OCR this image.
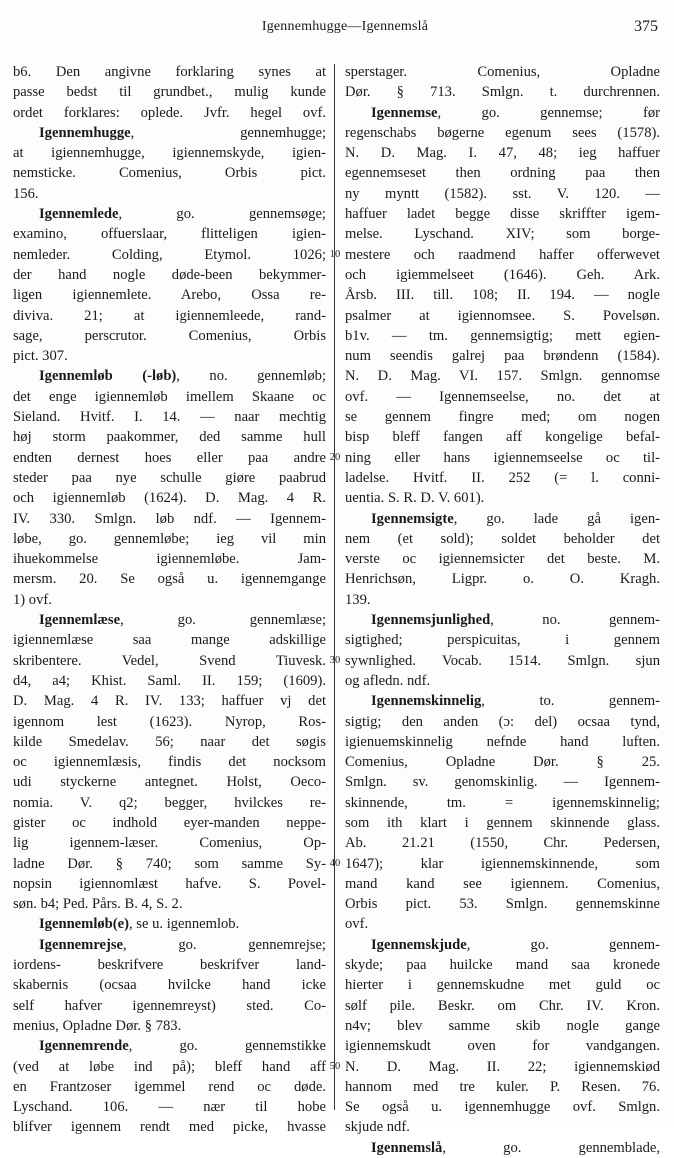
Igennemhugge—Igennemslå	375
b6. Den angivne forklaring synes at
passe bedst til grundbet., mulig kunde
ordet forklares: oplede. Jvfr. hegel ovf.
Igennemhugge, gennemhugge;
at igiennemhugge, igiennemskyde, igien-
nemsticke. Comenius, Orbis pict.
156.
Igennemlede, go. gennemsøge;
examino, offuerslaar, flitteligen igien-
nemleder. Colding, Etymol. 1026;
der hand nogle døde-been bekymmer-
ligen igiennemlete. Arebo, Ossa re-
diviva. 21; at igiennemleede, rand-
sage, perscrutor. Comenius, Orbis
pict. 307.
Igennemløb (-løb), no. gennemløb;
det enge igiennemløb imellem Skaane oc
Sieland. Hvitf. I. 14. — naar mechtig
høj storm paakommer, ded samme hull
endten dernest hoes eller paa andre
steder paa nye schulle giøre paabrud
och igiennemløb (1624). D. Mag. 4 R.
IV. 330. Smlgn. løb ndf. — Igennem-
løbe, go. gennemløbe; ieg vil min
ihuekommelse igiennemløbe. Jam-
mersm. 20. Se også u. igennemgange
1) ovf.
Igennemlæse, go. gennemlæse;
igiennemlæse saa mange adskillige
skribentere. Vedel, Svend Tiuvesk.
d4, a4; Khist. Saml. II. 159; (1609).
D. Mag. 4 R. IV. 133; haffuer vj det
igennom lest (1623). Nyrop, Ros-
kilde Smedelav. 56; naar det søgis
oc igiennemlæsis, findis det nocksom
udi styckerne antegnet. Holst, Oeco-
nomia. V. q2; begger, hvilckes re-
gister oc indhold eyer-manden neppe-
lig igennem-læser. Comenius, Op-
ladne Dør. § 740; som samme Sy-
nopsin igiennomlæst hafve. S. Povel-
søn. b4; Ped. Pårs. B. 4, S. 2.
Igennemløb(e), se u. igennemlob.
Igennemrejse, go. gennemrejse;
iordens- beskrifvere beskrifver land-
skabernis (ocsaa hvilcke hand icke
self hafver igennemreyst) sted. Co-
menius, Opladne Dør. § 783.
Igennemrende, go. gennemstikke
(ved at løbe ind på); bleff hand aff
en Frantzoser igemmel rend oc døde.
Lyschand. 106. — nær til hobe
blifver igennem rendt med picke, hvasse
sperstager. Comenius, Opladne
Dør. § 713. Smlgn. t. durchrennen.
Igennemse, go. gennemse; før
regenschabs bøgerne egenum sees (1578).
N. D. Mag. I. 47, 48; ieg haffuer
egennemseset then ordning paa then
ny myntt (1582). sst. V. 120. —
haffuer ladet begge disse skriffter igem-
melse. Lyschand. XIV; som borge-
mestere och raadmend haffer offerwevet
och igiemmelseet (1646). Geh. Ark.
Årsb. III. till. 108; II. 194. — nogle
psalmer at igiennomsee. S. Povelsøn.
b1v. — tm. gennemsigtig; mett egien-
num seendis galrej paa brøndenn (1584).
N. D. Mag. VI. 157. Smlgn. gennomse
ovf. — Igennemseelse, no. det at
se gennem fingre med; om nogen
bisp bleff fangen aff kongelige befal-
ning eller hans igiennemseelse oc til-
ladelse. Hvitf. II. 252 (= l. conni-
uentia. S. R. D. V. 601).
Igennemsigte, go. lade gå igen-
nem (et sold); soldet beholder det
verste oc igiennemsicter det beste. M.
Henrichsøn, Ligpr. o. O. Kragh.
139.
Igennemsjunlighed, no. gennem-
sigtighed; perspicuitas, i gennem
sywnlighed. Vocab. 1514. Smlgn. sjun
og afledn. ndf.
Igennemskinnelig, to. gennem-
sigtig; den anden (ɔ: del) ocsaa tynd,
igienuemskinnelig nefnde hand luften.
Comenius, Opladne Dør. § 25.
Smlgn. sv. genomskinlig. — Igennem-
skinnende, tm. = igennemskinnelig;
som ith klart i gennem skinnende glass.
Ab. 21.21 (1550, Chr. Pedersen,
1647); klar igiennemskinnende, som
mand kand see igiennem. Comenius,
Orbis pict. 53. Smlgn. gennemskinne
ovf.
Igennemskjude, go. gennem-
skyde; paa huilcke mand saa kronede
hierter i gennemskudne met guld oc
sølf pile. Beskr. om Chr. IV. Kron.
n4v; blev samme skib nogle gange
igiennemskudt oven for vandgangen.
N. D. Mag. II. 22; igiennemskiød
hannom med tre kuler. P. Resen. 76.
Se også u. igennemhugge ovf. Smlgn.
skjude ndf.
Igennemslå, go. gennemblade,
10
20
30
40
50
